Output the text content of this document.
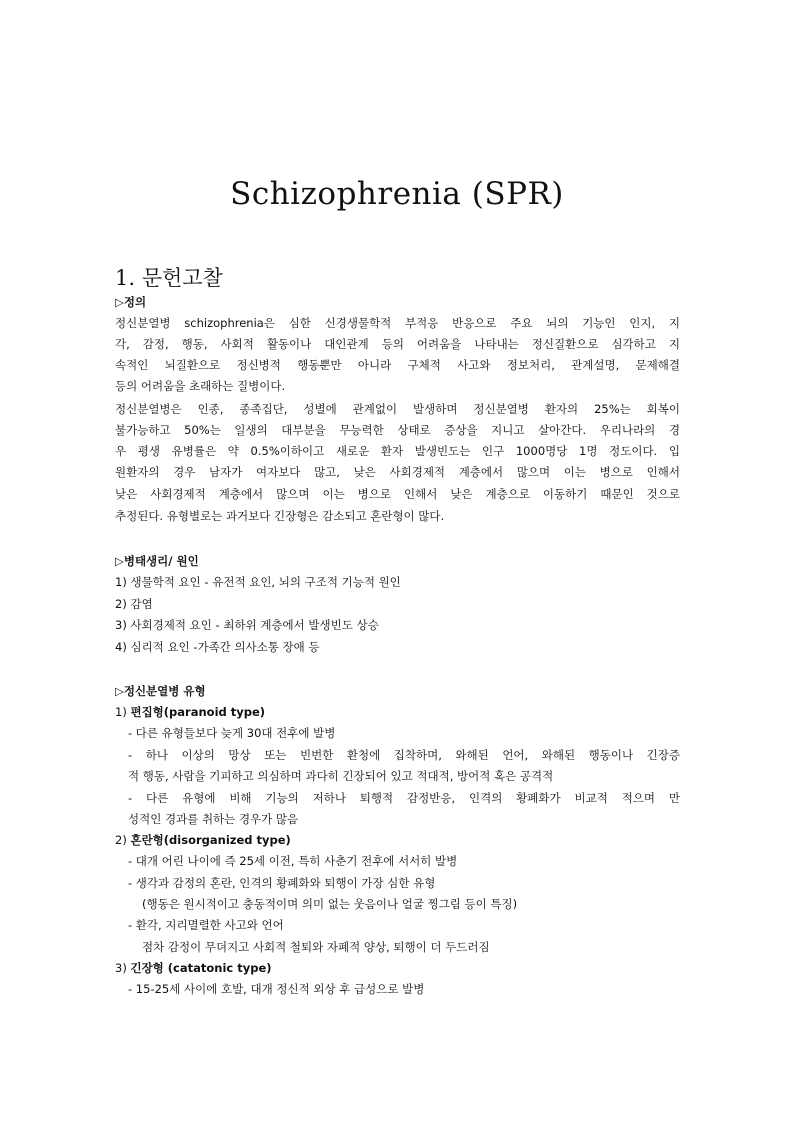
Schizophrenia (SPR)
1. 문헌고찰
▷정의
정신분열병 schizophrenia은 심한 신경생물학적 부적응 반응으로 주요 뇌의 기능인 인지, 지
각, 감정, 행동, 사회적 활동이나 대인관계 등의 어려움을 나타내는 정신질환으로 심각하고 지
속적인 뇌질환으로 정신병적 행동뿐만 아니라 구체적 사고와 정보처리, 관계설명, 문제해결
등의 어려움을 초래하는 질병이다.
정신분열병은 인종, 종족집단, 성별에 관계없이 발생하며 정신분열병 환자의 25%는 회복이
불가능하고 50%는 일생의 대부분을 무능력한 상태로 증상을 지니고 살아간다. 우리나라의 경
우 평생 유병률은 약 0.5%이하이고 새로운 환자 발생빈도는 인구 1000명당 1명 정도이다. 입
원환자의 경우 남자가 여자보다 많고, 낮은 사회경제적 계층에서 많으며 이는 병으로 인해서
낮은 사회경제적 계층에서 많으며 이는 병으로 인해서 낮은 계층으로 이동하기 때문인 것으로
추정된다. 유형별로는 과거보다 긴장형은 감소되고 혼란형이 많다.
▷병태생리/ 원인
1) 생물학적 요인 - 유전적 요인, 뇌의 구조적 기능적 원인
2) 감염
3) 사회경제적 요인 - 최하위 계층에서 발생빈도 상승
4) 심리적 요인 -가족간 의사소통 장애 등
▷정신분열병 유형
1) 편집형(paranoid type)
- 다른 유형들보다 늦게 30대 전후에 발병
- 하나 이상의 망상 또는 빈번한 환청에 집착하며, 와해된 언어, 와해된 행동이나 긴장증
적 행동, 사람을 기피하고 의심하며 과다히 긴장되어 있고 적대적, 방어적 혹은 공격적
- 다른 유형에 비해 기능의 저하나 퇴행적 감정반응, 인격의 황폐화가 비교적 적으며 만
성적인 경과를 취하는 경우가 많음
2) 혼란형(disorganized type)
- 대개 어린 나이에 즉 25세 이전, 특히 사춘기 전후에 서서히 발병
- 생각과 감정의 혼란, 인격의 황폐화와 퇴행이 가장 심한 유형
(행동은 원시적이고 충동적이며 의미 없는 웃음이나 얼굴 찡그림 등이 특징)
- 환각, 지리멸렬한 사고와 언어
점차 감정이 무뎌지고 사회적 철퇴와 자폐적 양상, 퇴행이 더 두드러짐
3) 긴장형 (catatonic type)
- 15-25세 사이에 호발, 대개 정신적 외상 후 급성으로 발병
